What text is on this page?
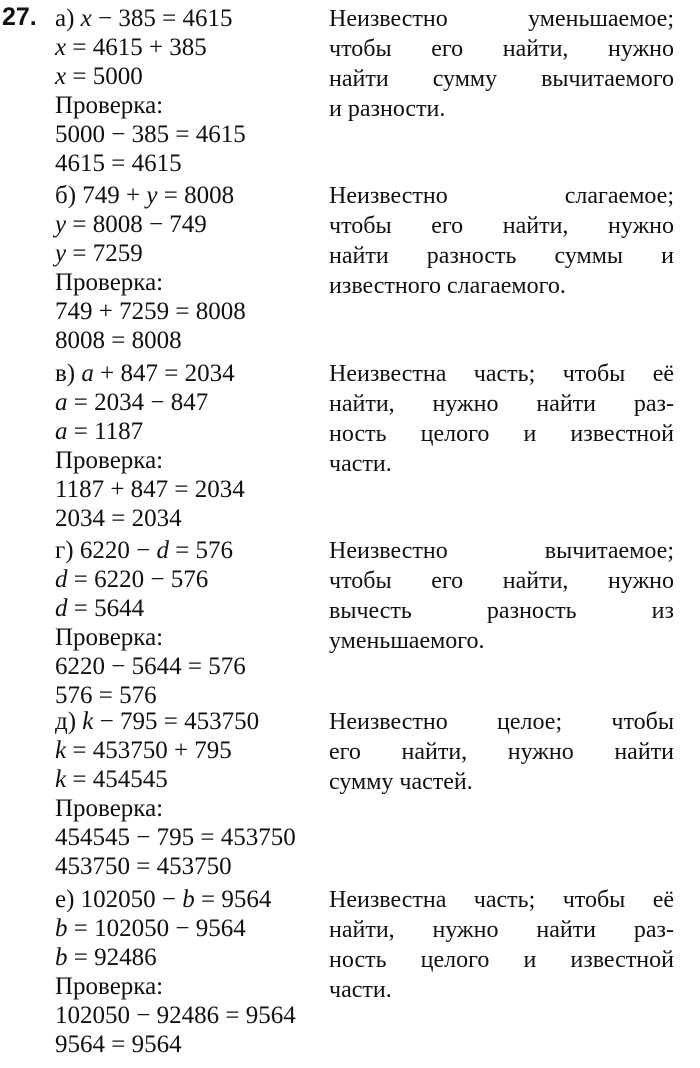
27. а) x − 385 = 4615
x = 4615 + 385
x = 5000
Проверка:
5000 − 385 = 4615
4615 = 4615
Неизвестно уменьшаемое;
чтобы его найти, нужно
найти сумму вычитаемого
и разности.
б) 749 + y = 8008
y = 8008 − 749
y = 7259
Проверка:
749 + 7259 = 8008
8008 = 8008
Неизвестно слагаемое;
чтобы его найти, нужно
найти разность суммы и
известного слагаемого.
в) a + 847 = 2034
a = 2034 − 847
a = 1187
Проверка:
1187 + 847 = 2034
2034 = 2034
Неизвестна часть; чтобы её
найти, нужно найти раз-
ность целого и известной
части.
г) 6220 − d = 576
d = 6220 − 576
d = 5644
Проверка:
6220 − 5644 = 576
576 = 576
Неизвестно вычитаемое;
чтобы его найти, нужно
вычесть разность из
уменьшаемого.
д) k − 795 = 453750
k = 453750 + 795
k = 454545
Проверка:
454545 − 795 = 453750
453750 = 453750
Неизвестно целое; чтобы
его найти, нужно найти
сумму частей.
е) 102050 − b = 9564
b = 102050 − 9564
b = 92486
Проверка:
102050 − 92486 = 9564
9564 = 9564
Неизвестна часть; чтобы её
найти, нужно найти раз-
ность целого и известной
части.
